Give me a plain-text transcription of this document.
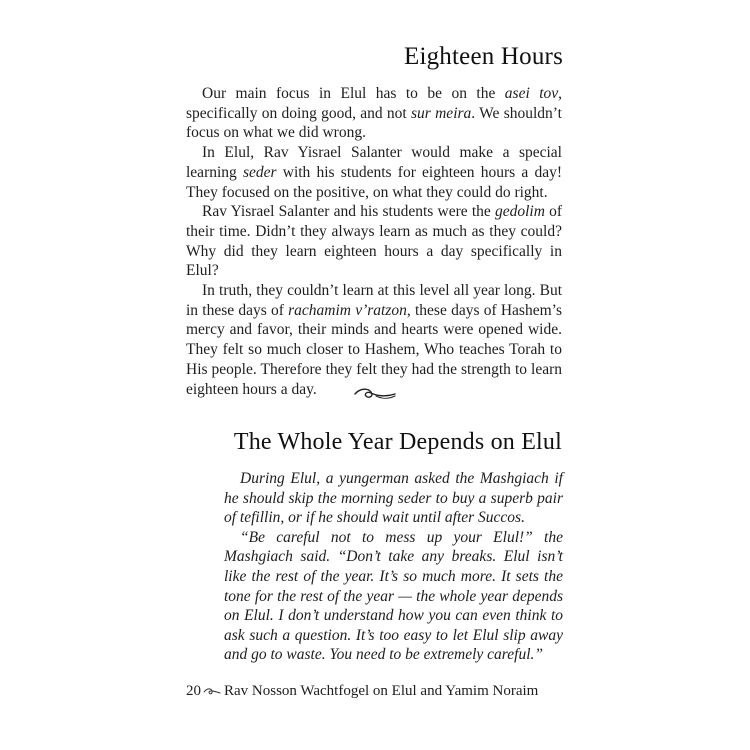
Eighteen Hours

Our main focus in Elul has to be on the asei tov, specifically on doing good, and not sur meira. We shouldn’t focus on what we did wrong.

In Elul, Rav Yisrael Salanter would make a special learning seder with his students for eighteen hours a day! They focused on the positive, on what they could do right.

Rav Yisrael Salanter and his students were the gedolim of their time. Didn’t they always learn as much as they could? Why did they learn eighteen hours a day specifically in Elul?

In truth, they couldn’t learn at this level all year long. But in these days of rachamim v’ratzon, these days of Hashem’s mercy and favor, their minds and hearts were opened wide. They felt so much closer to Hashem, Who teaches Torah to His people. Therefore they felt they had the strength to learn eighteen hours a day.

The Whole Year Depends on Elul

During Elul, a yungerman asked the Mashgiach if he should skip the morning seder to buy a superb pair of tefillin, or if he should wait until after Succos.

“Be careful not to mess up your Elul!” the Mashgiach said. “Don’t take any breaks. Elul isn’t like the rest of the year. It’s so much more. It sets the tone for the rest of the year — the whole year depends on Elul. I don’t understand how you can even think to ask such a question. It’s too easy to let Elul slip away and go to waste. You need to be extremely careful.”

20 Rav Nosson Wachtfogel on Elul and Yamim Noraim
